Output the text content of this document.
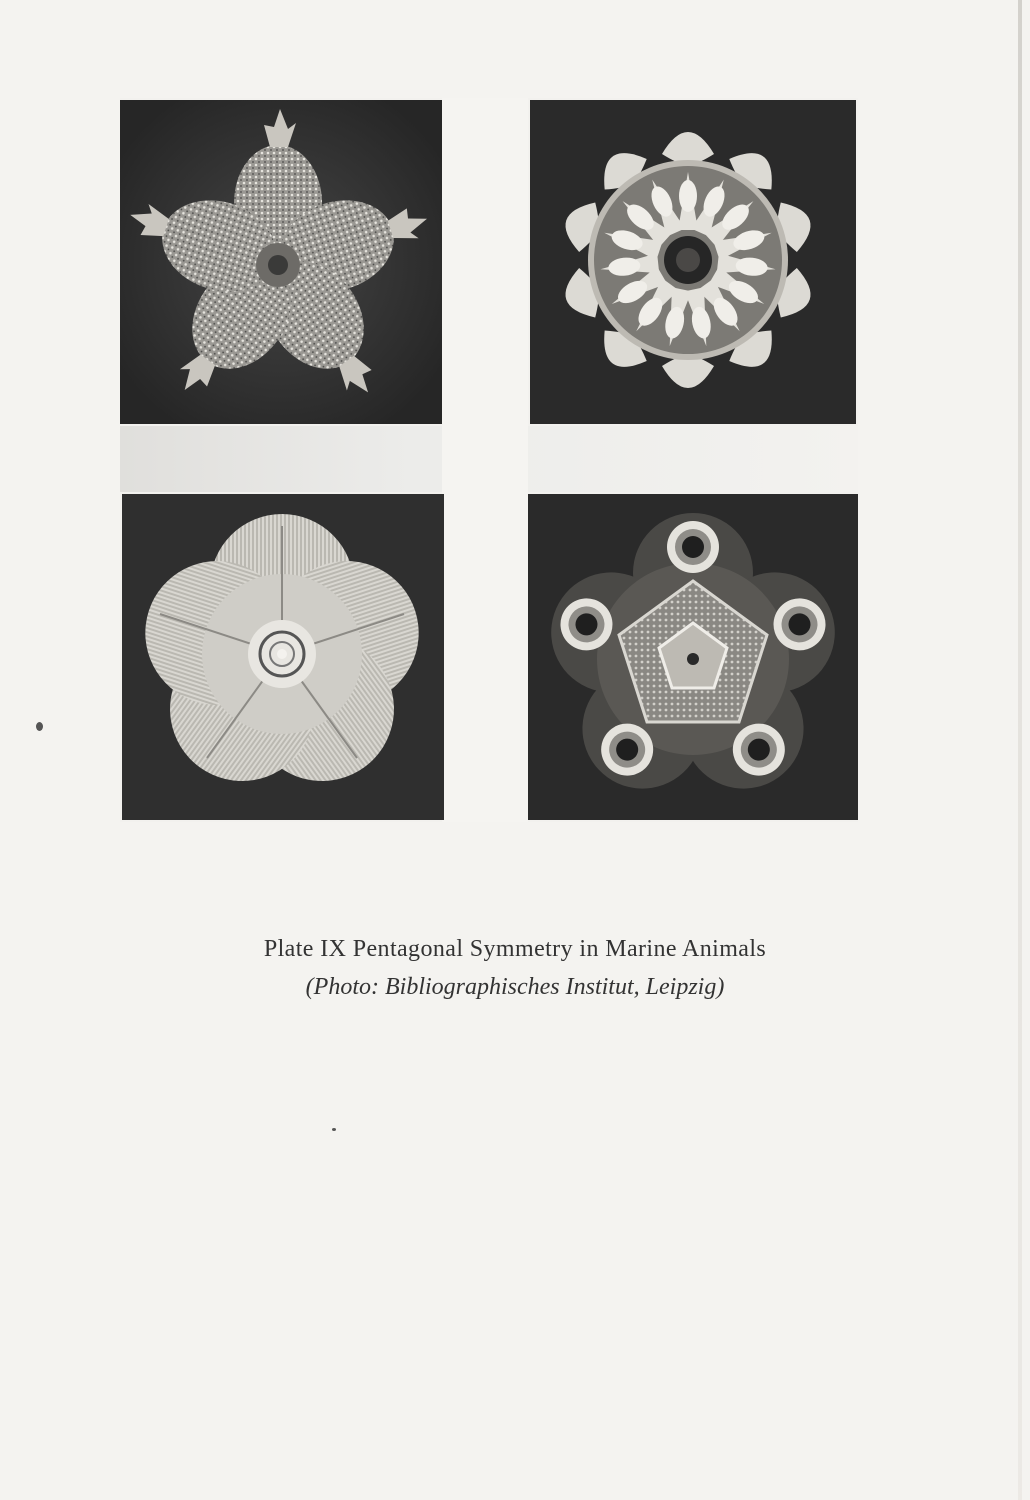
Plate IX Pentagonal Symmetry in Marine Animals
(Photo: Bibliographisches Institut, Leipzig)
